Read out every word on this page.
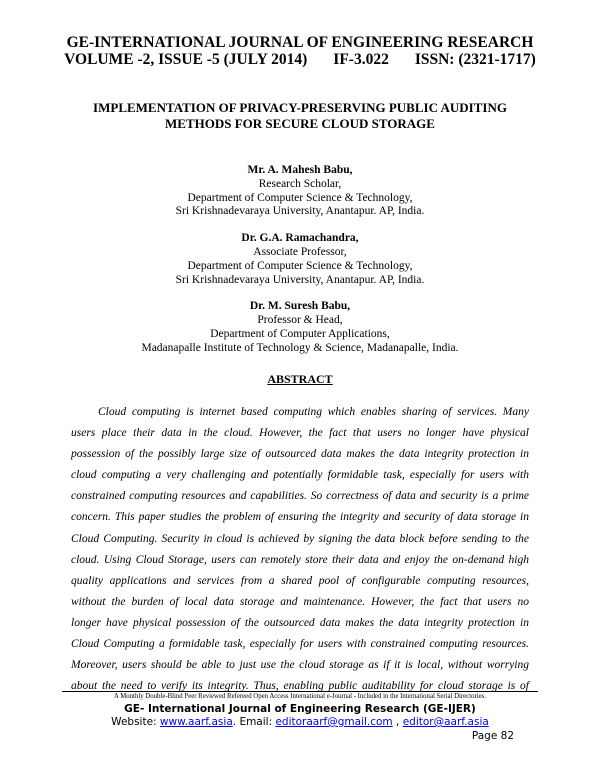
GE-INTERNATIONAL JOURNAL OF ENGINEERING RESEARCH
VOLUME -2, ISSUE -5 (JULY 2014) IF-3.022 ISSN: (2321-1717)
IMPLEMENTATION OF PRIVACY-PRESERVING PUBLIC AUDITING
METHODS FOR SECURE CLOUD STORAGE
Mr. A. Mahesh Babu,
Research Scholar,
Department of Computer Science & Technology,
Sri Krishnadevaraya University, Anantapur. AP, India.
Dr. G.A. Ramachandra,
Associate Professor,
Department of Computer Science & Technology,
Sri Krishnadevaraya University, Anantapur. AP, India.
Dr. M. Suresh Babu,
Professor & Head,
Department of Computer Applications,
Madanapalle Institute of Technology & Science, Madanapalle, India.
ABSTRACT
Cloud computing is internet based computing which enables sharing of services. Many
users place their data in the cloud. However, the fact that users no longer have physical
possession of the possibly large size of outsourced data makes the data integrity protection in
cloud computing a very challenging and potentially formidable task, especially for users with
constrained computing resources and capabilities. So correctness of data and security is a prime
concern. This paper studies the problem of ensuring the integrity and security of data storage in
Cloud Computing. Security in cloud is achieved by signing the data block before sending to the
cloud. Using Cloud Storage, users can remotely store their data and enjoy the on-demand high
quality applications and services from a shared pool of configurable computing resources,
without the burden of local data storage and maintenance. However, the fact that users no
longer have physical possession of the outsourced data makes the data integrity protection in
Cloud Computing a formidable task, especially for users with constrained computing resources.
Moreover, users should be able to just use the cloud storage as if it is local, without worrying
about the need to verify its integrity. Thus, enabling public auditability for cloud storage is of
A Monthly Double-Blind Peer Reviewed Refereed Open Access International e-Journal - Included in the International Serial Directories.
GE- International Journal of Engineering Research (GE-IJER)
Website: www.aarf.asia. Email: editoraarf@gmail.com , editor@aarf.asia
Page 82
